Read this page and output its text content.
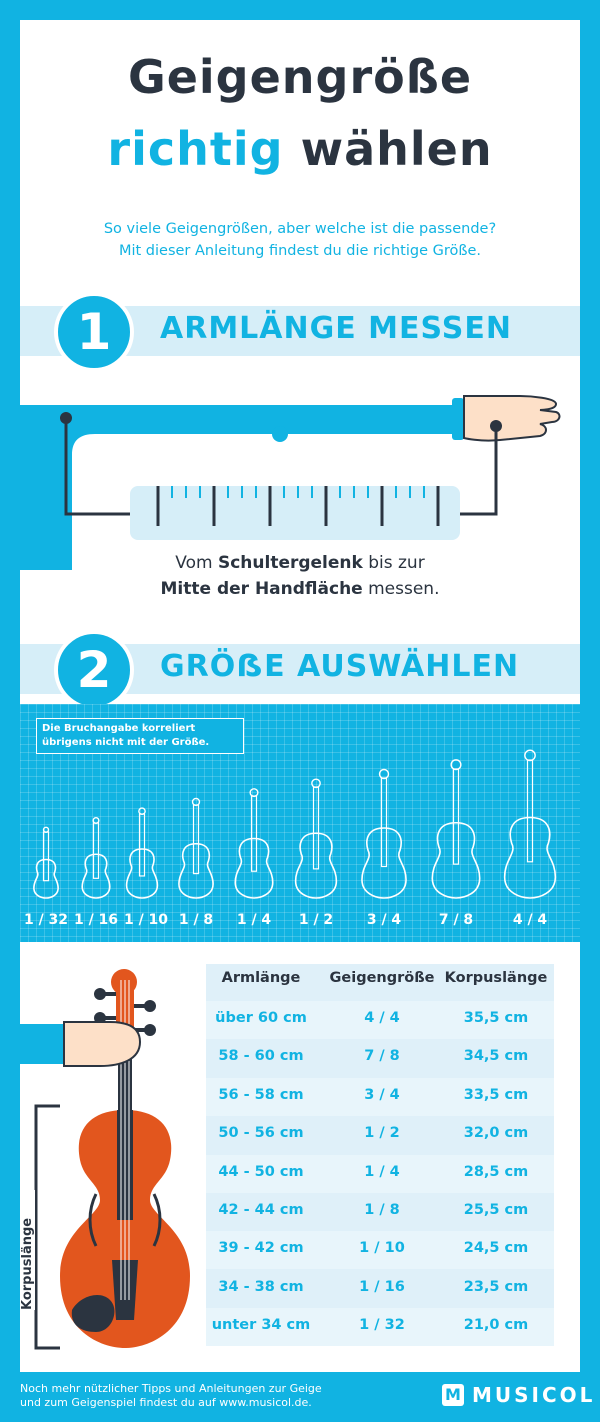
Geigengröße
richtig wählen
So viele Geigengrößen, aber welche ist die passende?
Mit dieser Anleitung findest du die richtige Größe.
1	ARMLÄNGE MESSEN
Vom Schultergelenk bis zur
Mitte der Handfläche messen.
2	GRÖẞE AUSWÄHLEN
Die Bruchangabe korreliert übrigens nicht mit der Größe.
1 / 32 1 / 16 1 / 10 1 / 8	1 / 4	1 / 2	3 / 4	7 / 8	4 / 4
Korpuslänge
Armlänge	Geigengröße Korpuslänge
über 60 cm	4 / 4	35,5 cm
58 - 60 cm	7 / 8	34,5 cm
56 - 58 cm	3 / 4	33,5 cm
50 - 56 cm	1 / 2	32,0 cm
44 - 50 cm	1 / 4	28,5 cm
42 - 44 cm	1 / 8	25,5 cm
39 - 42 cm	1 / 10	24,5 cm
34 - 38 cm	1 / 16	23,5 cm
unter 34 cm	1 / 32	21,0 cm
Noch mehr nützlicher Tipps und Anleitungen zur Geige
und zum Geigenspiel findest du auf www.musicol.de.	M MUSICOL
